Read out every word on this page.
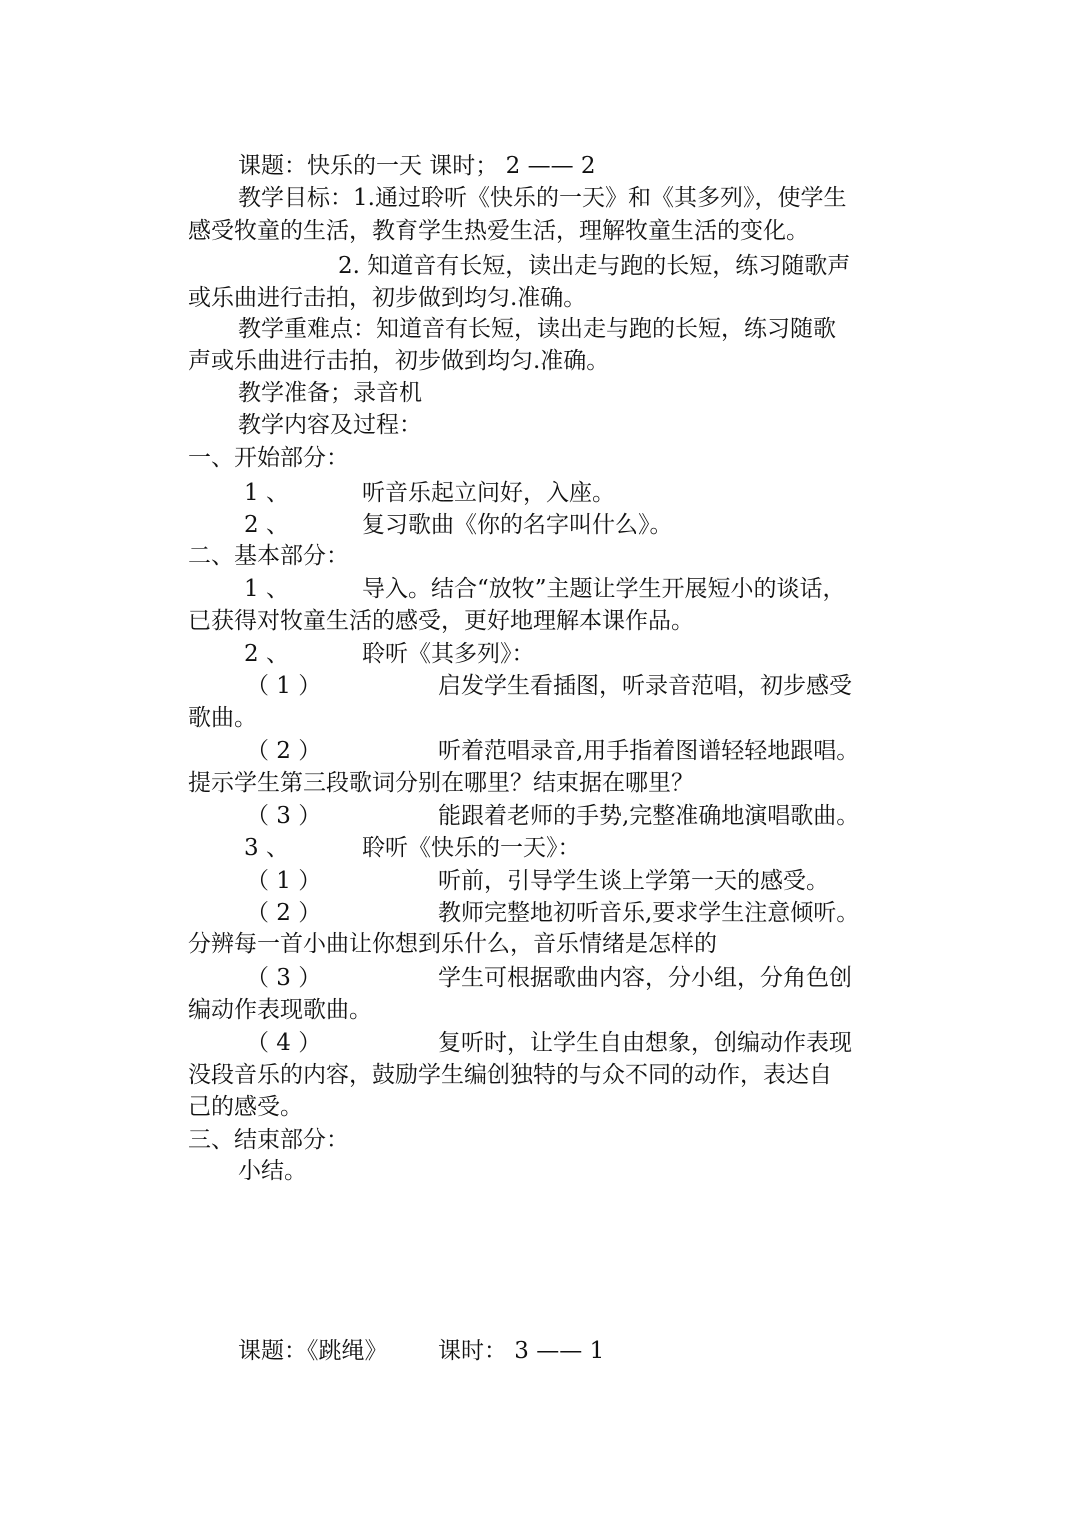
课题：快乐的一天 课时； 2 —— 2
教学目标：1.通过聆听《快乐的一天》和《其多列》，使学生
感受牧童的生活，教育学生热爱生活，理解牧童生活的变化。
2. 知道音有长短，读出走与跑的长短，练习随歌声
或乐曲进行击拍，初步做到均匀.准确。
教学重难点：知道音有长短，读出走与跑的长短，练习随歌
声或乐曲进行击拍，初步做到均匀.准确。
教学准备；录音机
教学内容及过程：
一、开始部分：
1 、	听音乐起立问好，入座。
2 、	复习歌曲《你的名字叫什么》。
二、基本部分：
1 、	导入。结合“放牧”主题让学生开展短小的谈话，
已获得对牧童生活的感受，更好地理解本课作品。
2 、	聆听《其多列》：
（ 1 ）	启发学生看插图，听录音范唱，初步感受
歌曲。
（ 2 ）	听着范唱录音,用手指着图谱轻轻地跟唱。
提示学生第三段歌词分别在哪里？结束据在哪里？
（ 3 ）	能跟着老师的手势,完整准确地演唱歌曲。
3 、	聆听《快乐的一天》：
（ 1 ）	听前，引导学生谈上学第一天的感受。
（ 2 ）	教师完整地初听音乐,要求学生注意倾听。
分辨每一首小曲让你想到乐什么，音乐情绪是怎样的
（ 3 ）	学生可根据歌曲内容，分小组，分角色创
编动作表现歌曲。
（ 4 ）	复听时，让学生自由想象，创编动作表现
没段音乐的内容，鼓励学生编创独特的与众不同的动作，表达自
己的感受。
三、结束部分：
小结。
课题：《跳绳》 课时： 3 —— 1
